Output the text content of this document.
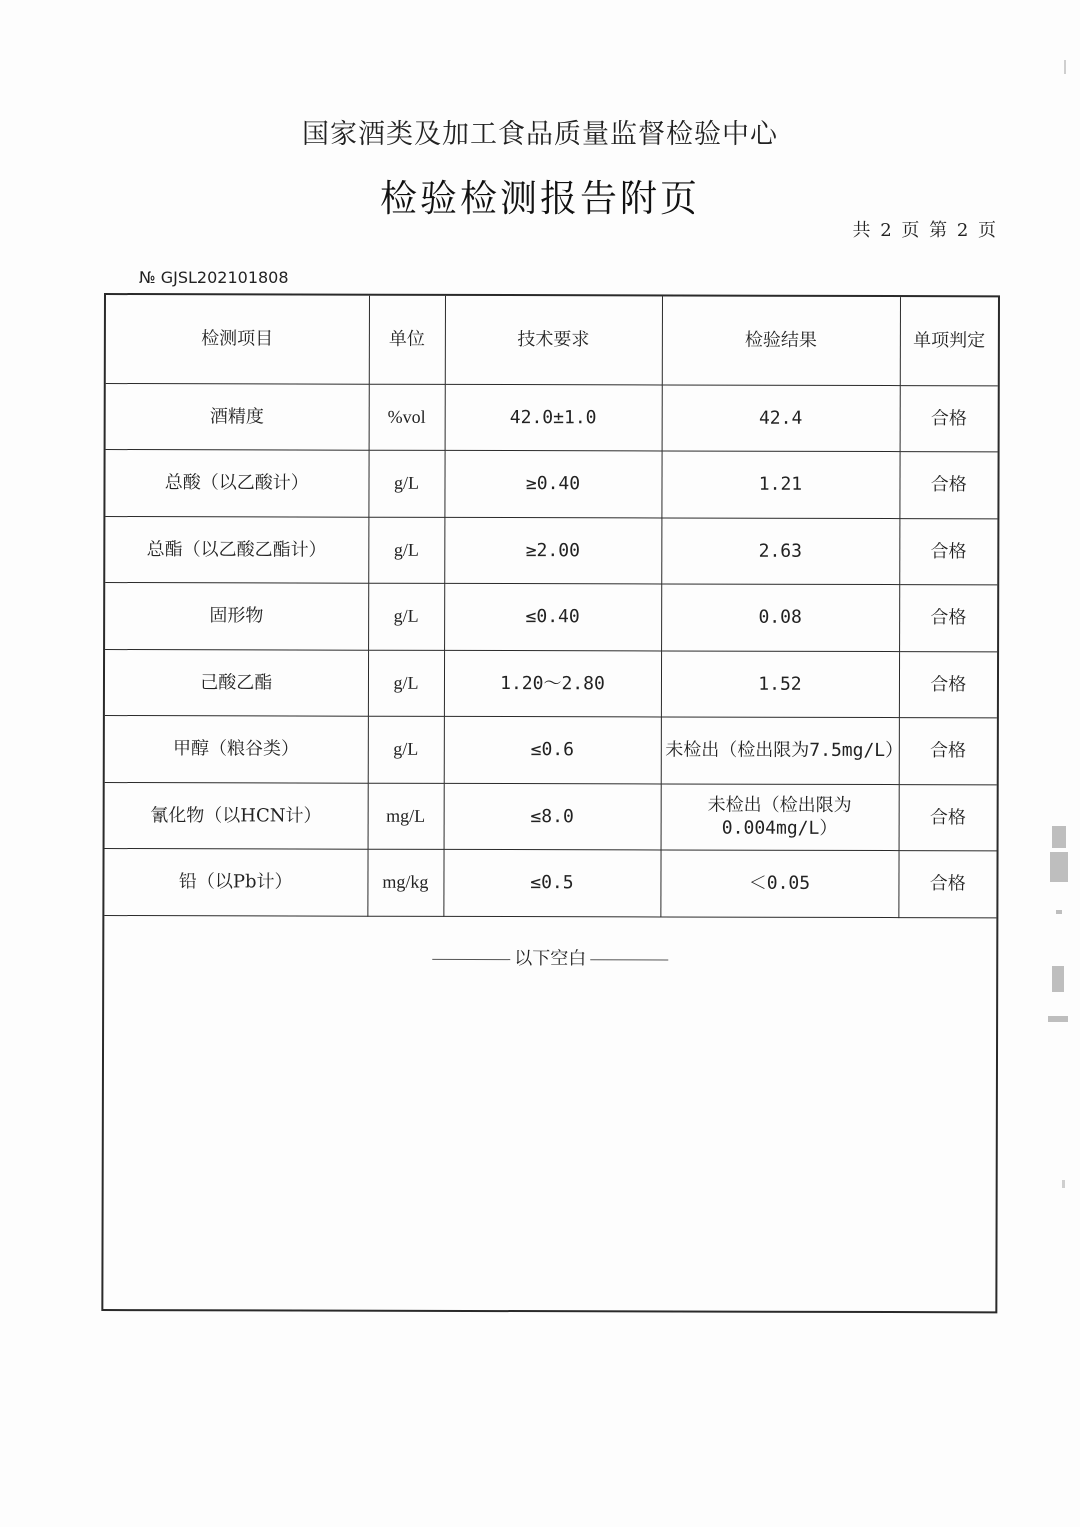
国家酒类及加工食品质量监督检验中心
检验检测报告附页
共 2 页 第 2 页
№ GJSL202101808
检测项目	单位	技术要求	检验结果	单项判定
酒精度	%vol	42.0±1.0	42.4	合格
总酸（以乙酸计）	g/L	≥0.40	1.21	合格
总酯（以乙酸乙酯计）	g/L	≥2.00	2.63	合格
固形物	g/L	≤0.40	0.08	合格
己酸乙酯	g/L	1.20～2.80	1.52	合格
甲醇（粮谷类）	g/L	≤0.6	未检出（检出限为7.5mg/L）	合格
氰化物（以HCN计）	mg/L	≤8.0	未检出（检出限为0.004mg/L）	合格
铅（以Pb计）	mg/kg	≤0.5	＜0.05	合格
以下空白
